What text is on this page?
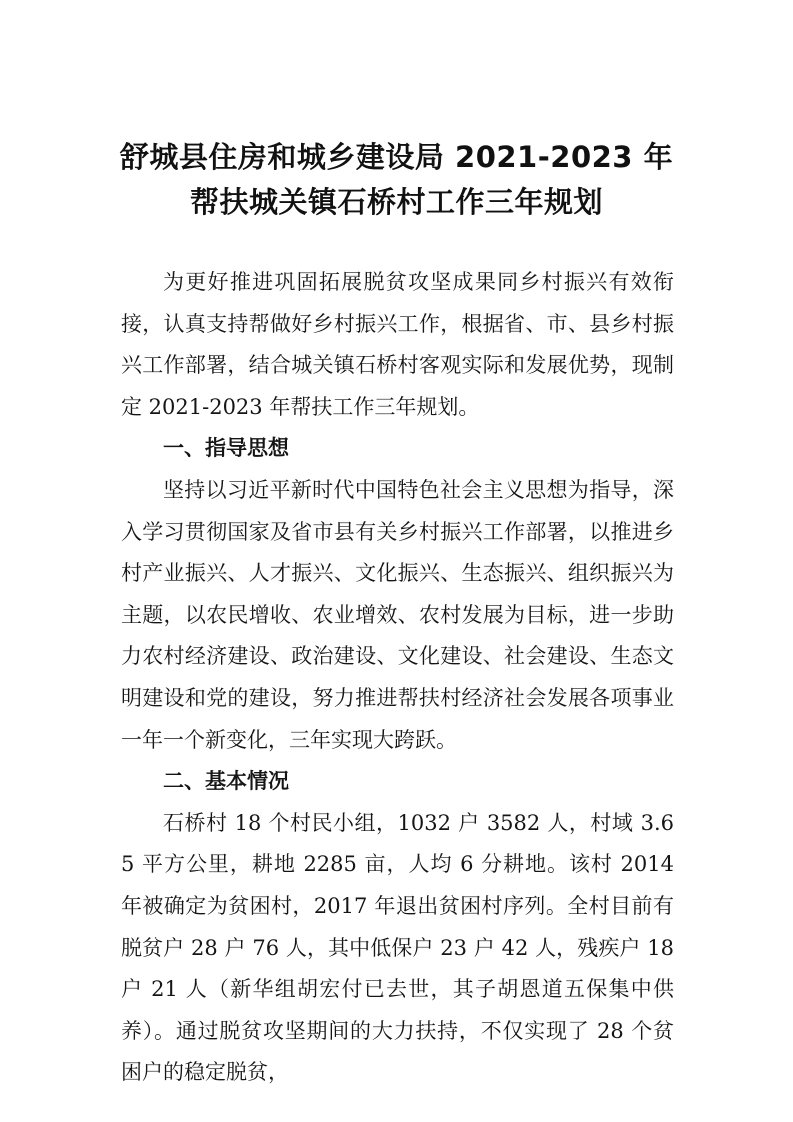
舒城县住房和城乡建设局 2021-2023 年
帮扶城关镇石桥村工作三年规划

为更好推进巩固拓展脱贫攻坚成果同乡村振兴有效衔接，认真支持帮做好乡村振兴工作，根据省、市、县乡村振兴工作部署，结合城关镇石桥村客观实际和发展优势，现制定 2021-2023 年帮扶工作三年规划。

一、指导思想

坚持以习近平新时代中国特色社会主义思想为指导，深入学习贯彻国家及省市县有关乡村振兴工作部署，以推进乡村产业振兴、人才振兴、文化振兴、生态振兴、组织振兴为主题，以农民增收、农业增效、农村发展为目标，进一步助力农村经济建设、政治建设、文化建设、社会建设、生态文明建设和党的建设，努力推进帮扶村经济社会发展各项事业一年一个新变化，三年实现大跨跃。

二、基本情况

石桥村 18 个村民小组，1032 户 3582 人，村域 3.65 平方公里，耕地 2285 亩，人均 6 分耕地。该村 2014 年被确定为贫困村，2017 年退出贫困村序列。全村目前有脱贫户 28 户 76 人，其中低保户 23 户 42 人，残疾户 18 户 21 人（新华组胡宏付已去世，其子胡恩道五保集中供养）。通过脱贫攻坚期间的大力扶持，不仅实现了 28 个贫困户的稳定脱贫，
